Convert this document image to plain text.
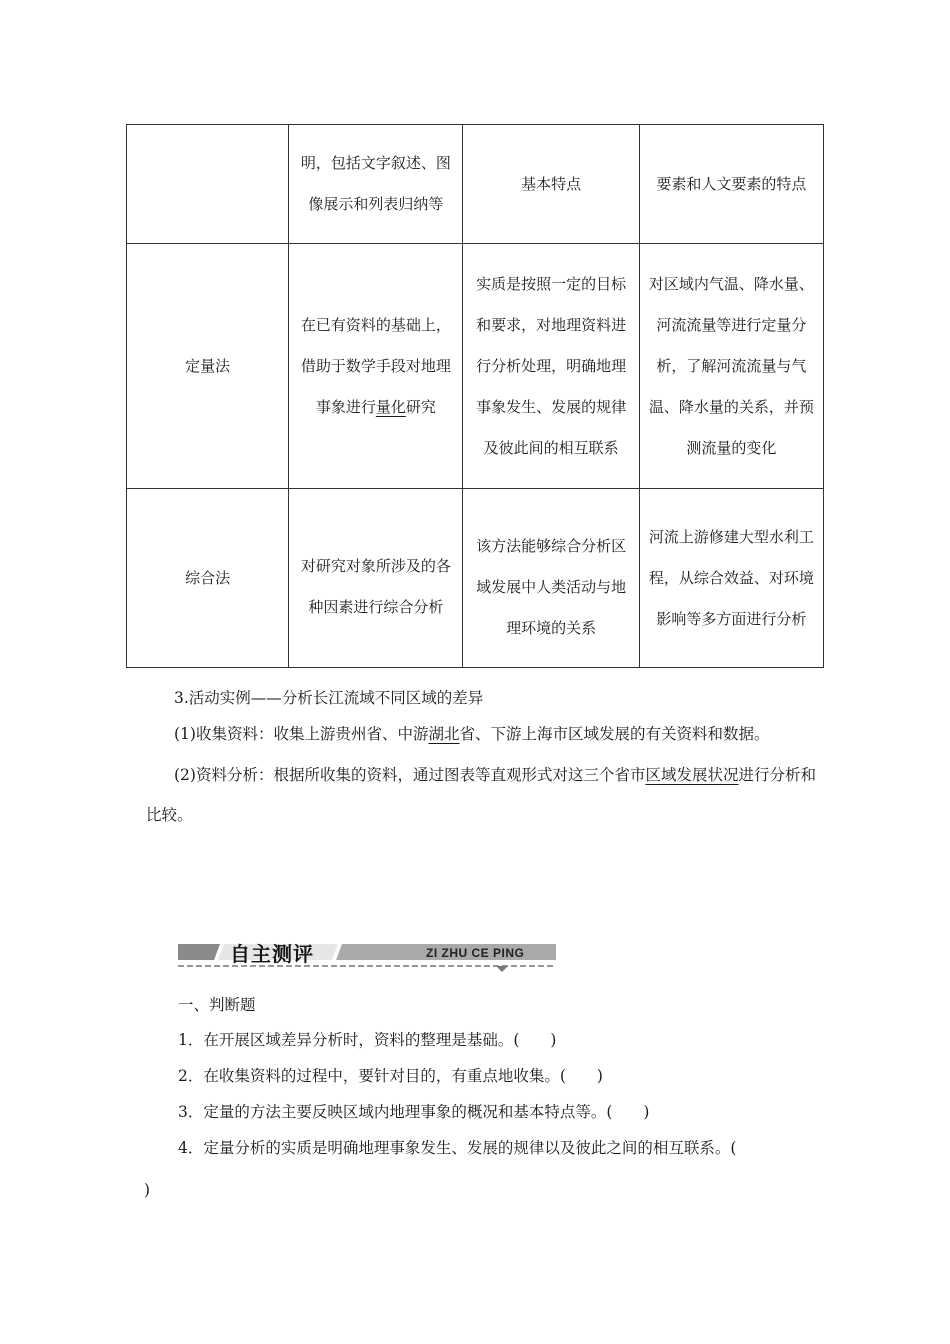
	明，包括文字叙述、图像展示和列表归纳等	基本特点	要素和人文要素的特点
定量法	在已有资料的基础上，借助于数学手段对地理事象进行量化研究	实质是按照一定的目标和要求，对地理资料进行分析处理，明确地理事象发生、发展的规律及彼此间的相互联系	对区域内气温、降水量、河流流量等进行定量分析，了解河流流量与气温、降水量的关系，并预测流量的变化
综合法	对研究对象所涉及的各种因素进行综合分析	该方法能够综合分析区域发展中人类活动与地理环境的关系	河流上游修建大型水利工程，从综合效益、对环境影响等多方面进行分析
3.活动实例——分析长江流域不同区域的差异
(1)收集资料：收集上游贵州省、中游湖北省、下游上海市区域发展的有关资料和数据。
(2)资料分析：根据所收集的资料，通过图表等直观形式对这三个省市区域发展状况进行分析和比较。
自主测评	ZI ZHU CE PING
一、判断题
1．在开展区域差异分析时，资料的整理是基础。(　　)
2．在收集资料的过程中，要针对目的，有重点地收集。(　　)
3．定量的方法主要反映区域内地理事象的概况和基本特点等。(　　)
4．定量分析的实质是明确地理事象发生、发展的规律以及彼此之间的相互联系。(
)
